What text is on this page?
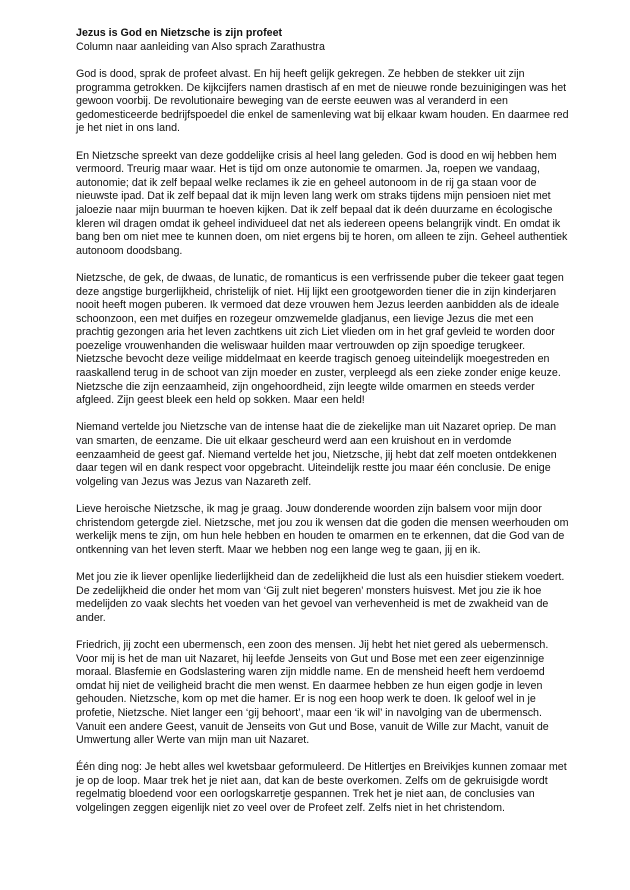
Jezus is God en Nietzsche is zijn profeet

Column naar aanleiding van Also sprach Zarathustra

God is dood, sprak de profeet alvast. En hij heeft gelijk gekregen. Ze hebben de stekker uit zijn programma getrokken. De kijkcijfers namen drastisch af en met de nieuwe ronde bezuinigingen was het gewoon voorbij. De revolutionaire beweging van de eerste eeuwen was al veranderd in een gedomesticeerde bedrijfspoedel die enkel de samenleving wat bij elkaar kwam houden. En daarmee red je het niet in ons land.

En Nietzsche spreekt van deze goddelijke crisis al heel lang geleden. God is dood en wij hebben hem vermoord. Treurig maar waar. Het is tijd om onze autonomie te omarmen. Ja, roepen we vandaag, autonomie; dat ik zelf bepaal welke reclames ik zie en geheel autonoom in de rij ga staan voor de nieuwste ipad. Dat ik zelf bepaal dat ik mijn leven lang werk om straks tijdens mijn pensioen niet met jaloezie naar mijn buurman te hoeven kijken. Dat ik zelf bepaal dat ik deén duurzame en écologische kleren wil dragen omdat ik geheel individueel dat net als iedereen opeens belangrijk vindt. En omdat ik bang ben om niet mee te kunnen doen, om niet ergens bij te horen, om alleen te zijn. Geheel authentiek autonoom doodsbang.

Nietzsche, de gek, de dwaas, de lunatic, de romanticus is een verfrissende puber die tekeer gaat tegen deze angstige burgerlijkheid, christelijk of niet. Hij lijkt een grootgeworden tiener die in zijn kinderjaren nooit heeft mogen puberen. Ik vermoed dat deze vrouwen hem Jezus leerden aanbidden als de ideale schoonzoon, een met duifjes en rozegeur omzwemelde gladjanus, een lievige Jezus die met een prachtig gezongen aria het leven zachtkens uit zich Liet vlieden om in het graf gevleid te worden door poezelige vrouwenhanden die weliswaar huilden maar vertrouwden op zijn spoedige terugkeer. Nietzsche bevocht deze veilige middelmaat en keerde tragisch genoeg uiteindelijk moegestreden en raaskallend terug in de schoot van zijn moeder en zuster, verpleegd als een zieke zonder enige keuze. Nietzsche die zijn eenzaamheid, zijn ongehoordheid, zijn leegte wilde omarmen en steeds verder afgleed. Zijn geest bleek een held op sokken. Maar een held!

Niemand vertelde jou Nietzsche van de intense haat die de ziekelijke man uit Nazaret opriep. De man van smarten, de eenzame. Die uit elkaar gescheurd werd aan een kruishout en in verdomde eenzaamheid de geest gaf. Niemand vertelde het jou, Nietzsche, jij hebt dat zelf moeten ontdekkenen daar tegen wil en dank respect voor opgebracht. Uiteindelijk restte jou maar één conclusie. De enige volgeling van Jezus was Jezus van Nazareth zelf.

Lieve heroische Nietzsche, ik mag je graag. Jouw donderende woorden zijn balsem voor mijn door christendom getergde ziel. Nietzsche, met jou zou ik wensen dat die goden die mensen weerhouden om werkelijk mens te zijn, om hun hele hebben en houden te omarmen en te erkennen, dat die God van de ontkenning van het leven sterft. Maar we hebben nog een lange weg te gaan, jij en ik.

Met jou zie ik liever openlijke liederlijkheid dan de zedelijkheid die lust als een huisdier stiekem voedert. De zedelijkheid die onder het mom van ‘Gij zult niet begeren’ monsters huisvest. Met jou zie ik hoe medelijden zo vaak slechts het voeden van het gevoel van verhevenheid is met de zwakheid van de ander.

Friedrich, jij zocht een ubermensch, een zoon des mensen. Jij hebt het niet gered als uebermensch. Voor mij is het de man uit Nazaret, hij leefde Jenseits von Gut und Bose met een zeer eigenzinnige moraal. Blasfemie en Godslastering waren zijn middle name. En de mensheid heeft hem verdoemd omdat hij niet de veiligheid bracht die men wenst. En daarmee hebben ze hun eigen godje in leven gehouden. Nietzsche, kom op met die hamer. Er is nog een hoop werk te doen. Ik geloof wel in je profetie, Nietzsche. Niet langer een ‘gij behoort’, maar een ‘ik wil’ in navolging van de ubermensch. Vanuit een andere Geest, vanuit de Jenseits von Gut und Bose, vanuit de Wille zur Macht, vanuit de Umwertung aller Werte van mijn man uit Nazaret.

Één ding nog: Je hebt alles wel kwetsbaar geformuleerd. De Hitlertjes en Breivikjes kunnen zomaar met je op de loop. Maar trek het je niet aan, dat kan de beste overkomen. Zelfs om de gekruisigde wordt regelmatig bloedend voor een oorlogskarretje gespannen. Trek het je niet aan, de conclusies van volgelingen zeggen eigenlijk niet zo veel over de Profeet zelf. Zelfs niet in het christendom.
